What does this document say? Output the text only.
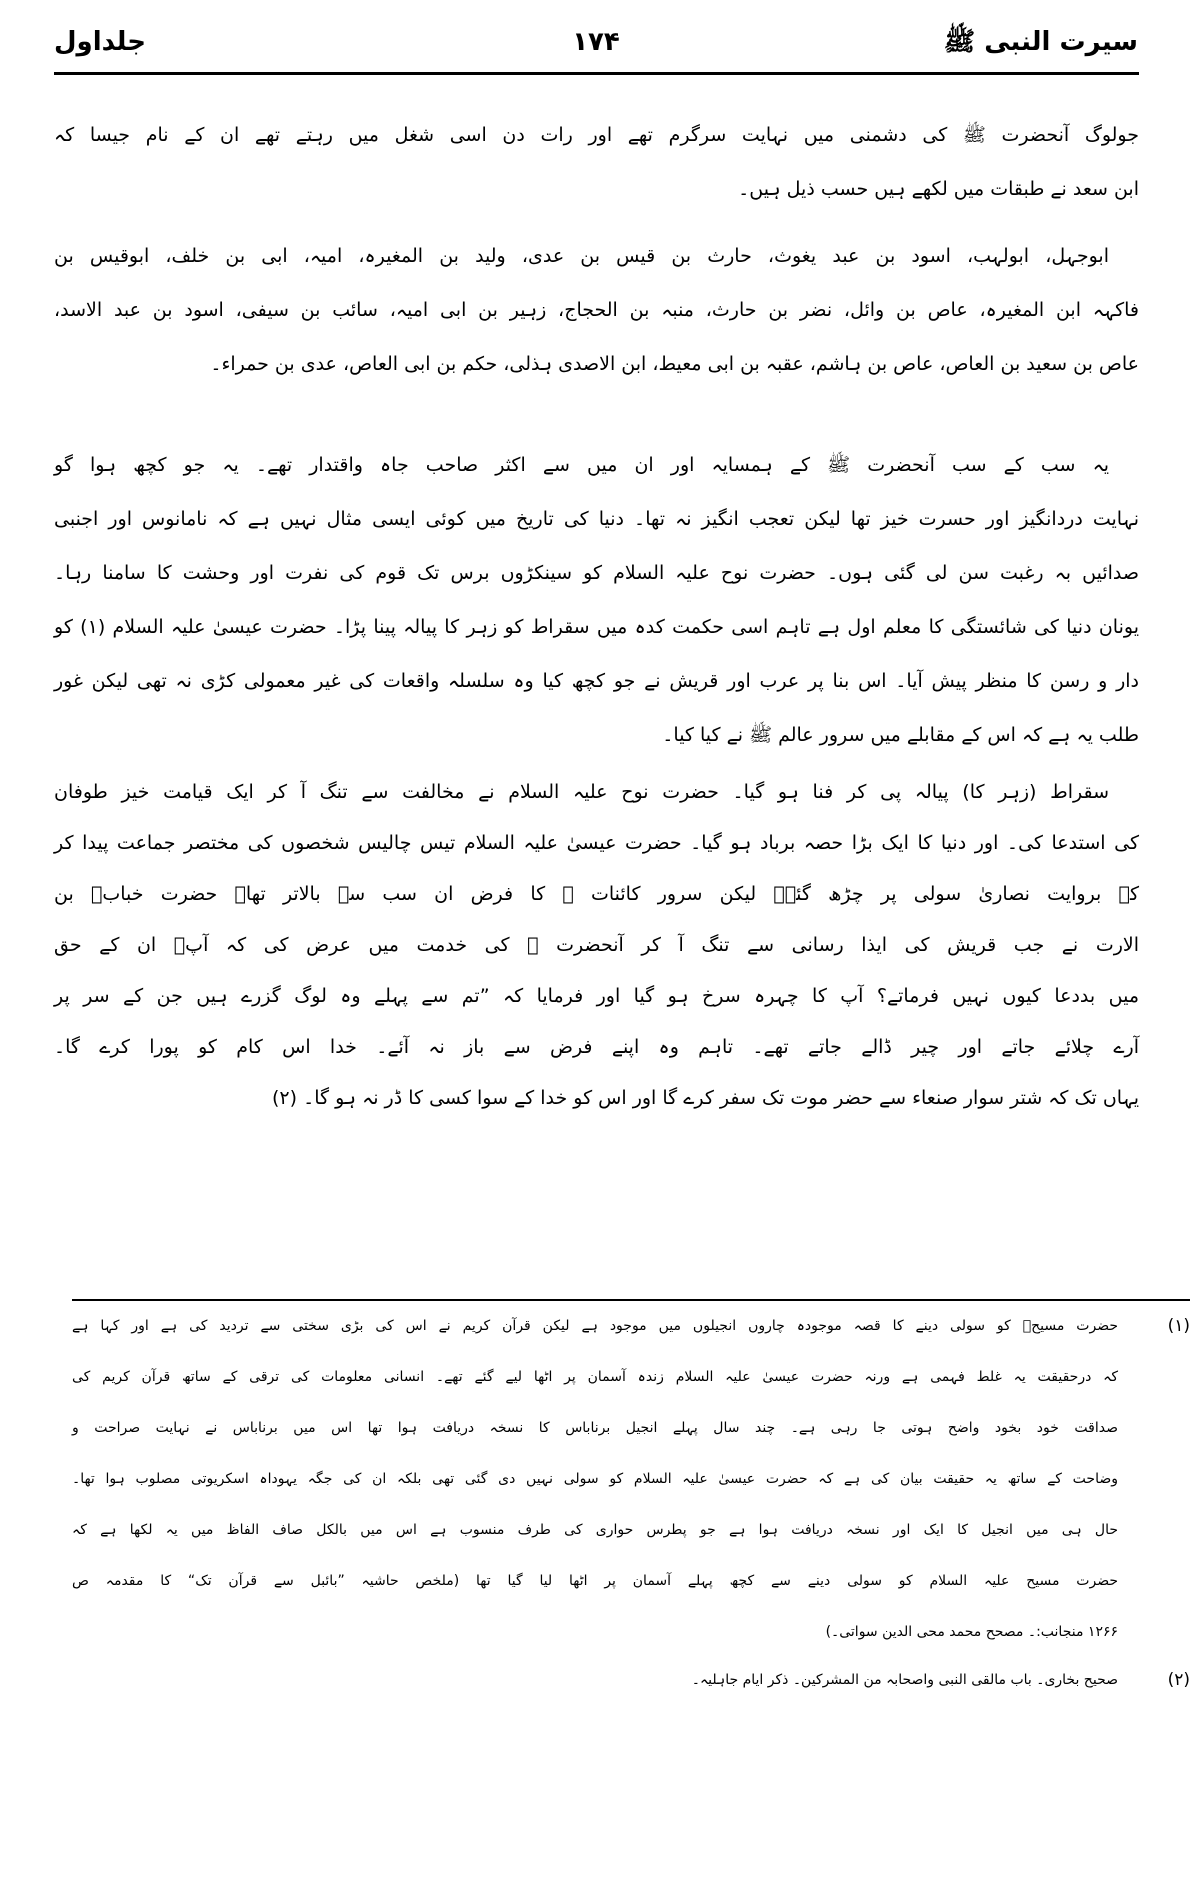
سیرت النبی ﷺ
۱۷۴
جلداول
جولوگ آنحضرت ﷺ کی دشمنی میں نہایت سرگرم تھے اور رات دن اسی شغل میں رہتے تھے ان کے نام جیسا کہ
ابن سعد نے طبقات میں لکھے ہیں حسب ذیل ہیں۔
ابوجہل، ابولہب، اسود بن عبد یغوث، حارث بن قیس بن عدی، ولید بن المغیرہ، امیہ، ابی بن خلف، ابوقیس بن
فاکہہ ابن المغیرہ، عاص بن وائل، نضر بن حارث، منبہ بن الحجاج، زہیر بن ابی امیہ، سائب بن سیفی، اسود بن عبد الاسد،
عاص بن سعید بن العاص، عاص بن ہاشم، عقبہ بن ابی معیط، ابن الاصدی ہذلی، حکم بن ابی العاص، عدی بن حمراء۔
یہ سب کے سب آنحضرت ﷺ کے ہمسایہ اور ان میں سے اکثر صاحب جاہ واقتدار تھے۔ یہ جو کچھ ہوا گو
نہایت دردانگیز اور حسرت خیز تھا لیکن تعجب انگیز نہ تھا۔ دنیا کی تاریخ میں کوئی ایسی مثال نہیں ہے کہ نامانوس اور اجنبی
صدائیں بہ رغبت سن لی گئی ہوں۔ حضرت نوح علیہ السلام کو سینکڑوں برس تک قوم کی نفرت اور وحشت کا سامنا رہا۔
یونان دنیا کی شائستگی کا معلم اول ہے تاہم اسی حکمت کدہ میں سقراط کو زہر کا پیالہ پینا پڑا۔ حضرت عیسیٰ علیہ السلام (۱) کو
دار و رسن کا منظر پیش آیا۔ اس بنا پر عرب اور قریش نے جو کچھ کیا وہ سلسلہ واقعات کی غیر معمولی کڑی نہ تھی لیکن غور
طلب یہ ہے کہ اس کے مقابلے میں سرور عالم ﷺ نے کیا کیا۔
سقراط (زہر کا) پیالہ پی کر فنا ہو گیا۔ حضرت نوح علیہ السلام نے مخالفت سے تنگ آ کر ایک قیامت خیز طوفان
کی استدعا کی۔ اور دنیا کا ایک بڑا حصہ برباد ہو گیا۔ حضرت عیسیٰ علیہ السلام تیس چالیس شخصوں کی مختصر جماعت پیدا کر
کے بروایت نصاریٰ سولی پر چڑھ گئے۔ لیکن سرور کائنات ﷺ کا فرض ان سب سے بالاتر تھا۔ حضرت خبابؓ بن
الارت نے جب قریش کی ایذا رسانی سے تنگ آ کر آنحضرت ﷺ کی خدمت میں عرض کی کہ آپؐ ان کے حق
میں بددعا کیوں نہیں فرماتے؟ آپ کا چہرہ سرخ ہو گیا اور فرمایا کہ ”تم سے پہلے وہ لوگ گزرے ہیں جن کے سر پر
آرے چلائے جاتے اور چیر ڈالے جاتے تھے۔ تاہم وہ اپنے فرض سے باز نہ آئے۔ خدا اس کام کو پورا کرے گا۔
یہاں تک کہ شتر سوار صنعاء سے حضر موت تک سفر کرے گا اور اس کو خدا کے سوا کسی کا ڈر نہ ہو گا۔ (۲)
(۱)
حضرت مسیحؑ کو سولی دینے کا قصہ موجودہ چاروں انجیلوں میں موجود ہے لیکن قرآن کریم نے اس کی بڑی سختی سے تردید کی ہے اور کہا ہے
کہ درحقیقت یہ غلط فہمی ہے ورنہ حضرت عیسیٰ علیہ السلام زندہ آسمان پر اٹھا لیے گئے تھے۔ انسانی معلومات کی ترقی کے ساتھ قرآن کریم کی
صداقت خود بخود واضح ہوتی جا رہی ہے۔ چند سال پہلے انجیل برناباس کا نسخہ دریافت ہوا تھا اس میں برناباس نے نہایت صراحت و
وضاحت کے ساتھ یہ حقیقت بیان کی ہے کہ حضرت عیسیٰ علیہ السلام کو سولی نہیں دی گئی تھی بلکہ ان کی جگہ یہوداہ اسکریوتی مصلوب ہوا تھا۔
حال ہی میں انجیل کا ایک اور نسخہ دریافت ہوا ہے جو پطرس حواری کی طرف منسوب ہے اس میں بالکل صاف الفاظ میں یہ لکھا ہے کہ
حضرت مسیح علیہ السلام کو سولی دینے سے کچھ پہلے آسمان پر اٹھا لیا گیا تھا (ملخص حاشیہ ”بائبل سے قرآن تک“ کا مقدمہ ص
۱۲۶۶ منجانب:۔ مصحح محمد محی الدین سواتی۔)
(۲)
صحیح بخاری۔ باب مالقی النبی واصحابہ من المشرکین۔ ذکر ایام جاہلیہ۔
